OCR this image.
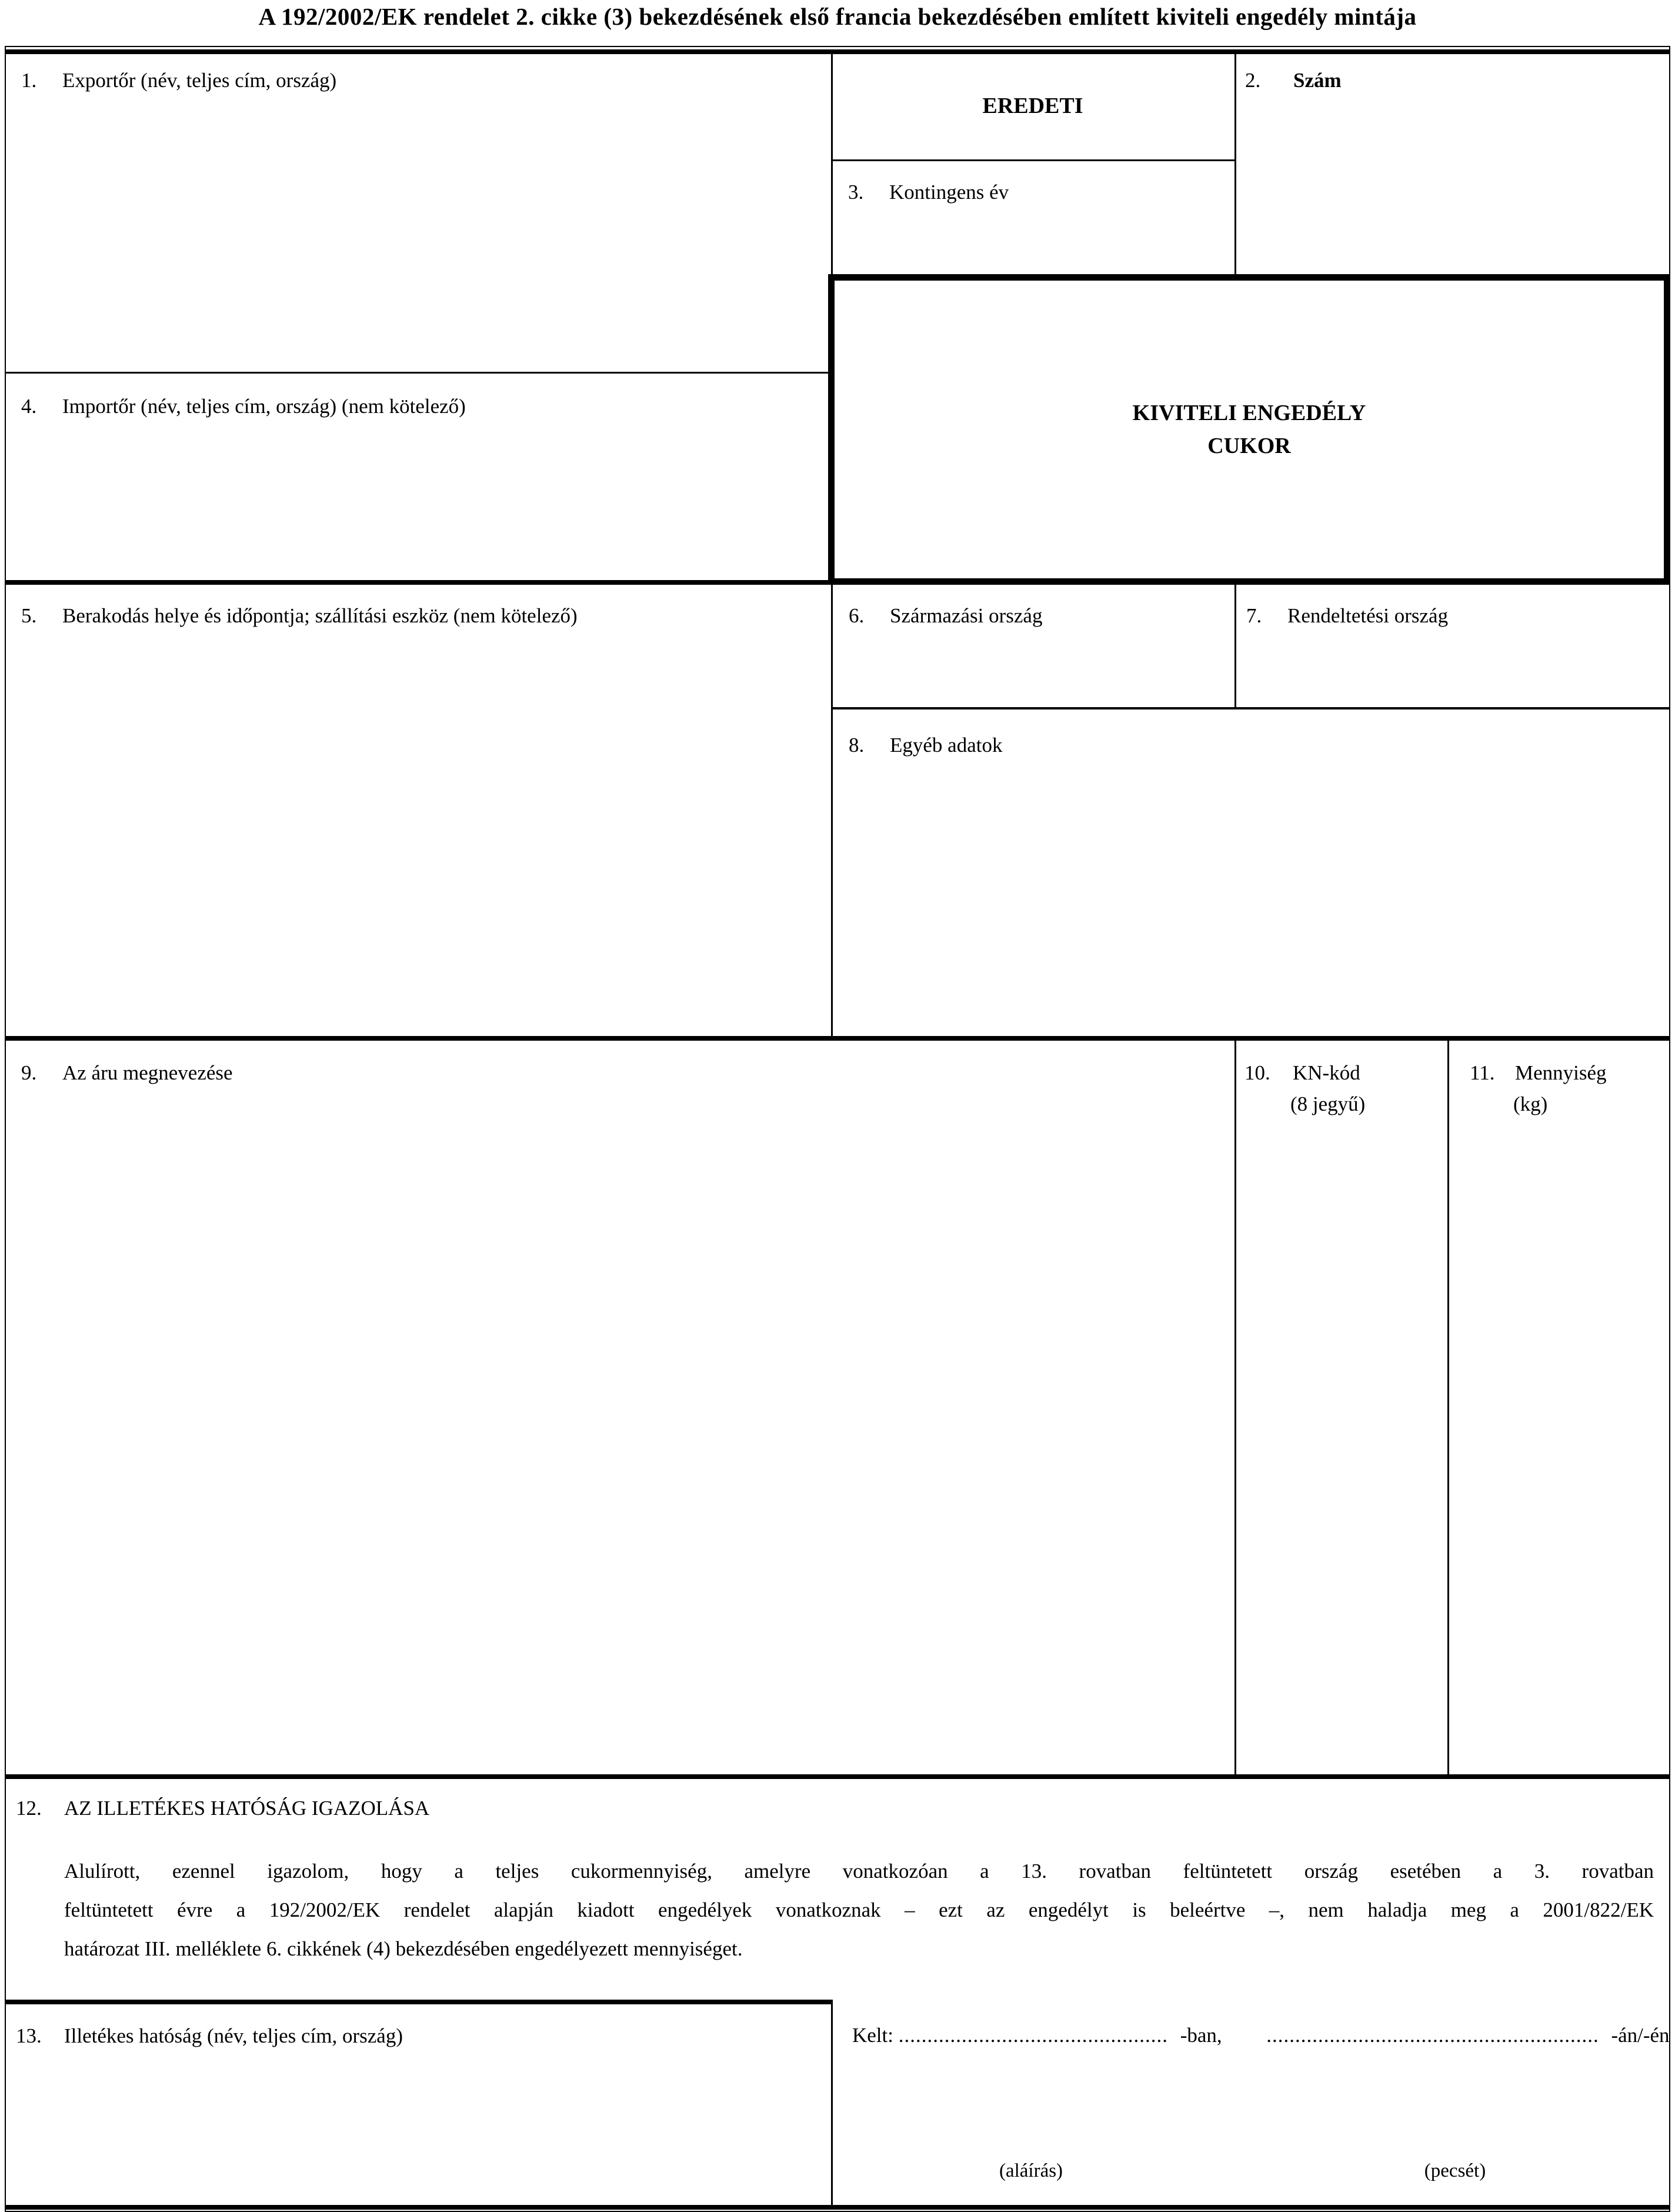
A 192/2002/EK rendelet 2. cikke (3) bekezdésének első francia bekezdésében említett kiviteli engedély mintája
1. Exportőr (név, teljes cím, ország)
EREDETI
2. Szám
3. Kontingens év
KIVITELI ENGEDÉLY
CUKOR
4. Importőr (név, teljes cím, ország) (nem kötelező)
5. Berakodás helye és időpontja; szállítási eszköz (nem kötelező)	6. Származási ország	7. Rendeltetési ország
8. Egyéb adatok
9. Az áru megnevezése	10. KN-kód
(8 jegyű)
11. Mennyiség
(kg)
12. AZ ILLETÉKES HATÓSÁG IGAZOLÁSA
Alulírott, ezennel igazolom, hogy a teljes cukormennyiség, amelyre vonatkozóan a 13. rovatban feltüntetett ország esetében a 3. rovatban
feltüntetett évre a 192/2002/EK rendelet alapján kiadott engedélyek vonatkoznak – ezt az engedélyt is beleértve –, nem haladja meg a 2001/822/EK
határozat III. melléklete 6. cikkének (4) bekezdésében engedélyezett mennyiséget.
13. Illetékes hatóság (név, teljes cím, ország)	Kelt: ............................................... -ban, .......................................................... -án/-én
(aláírás)	(pecsét)
